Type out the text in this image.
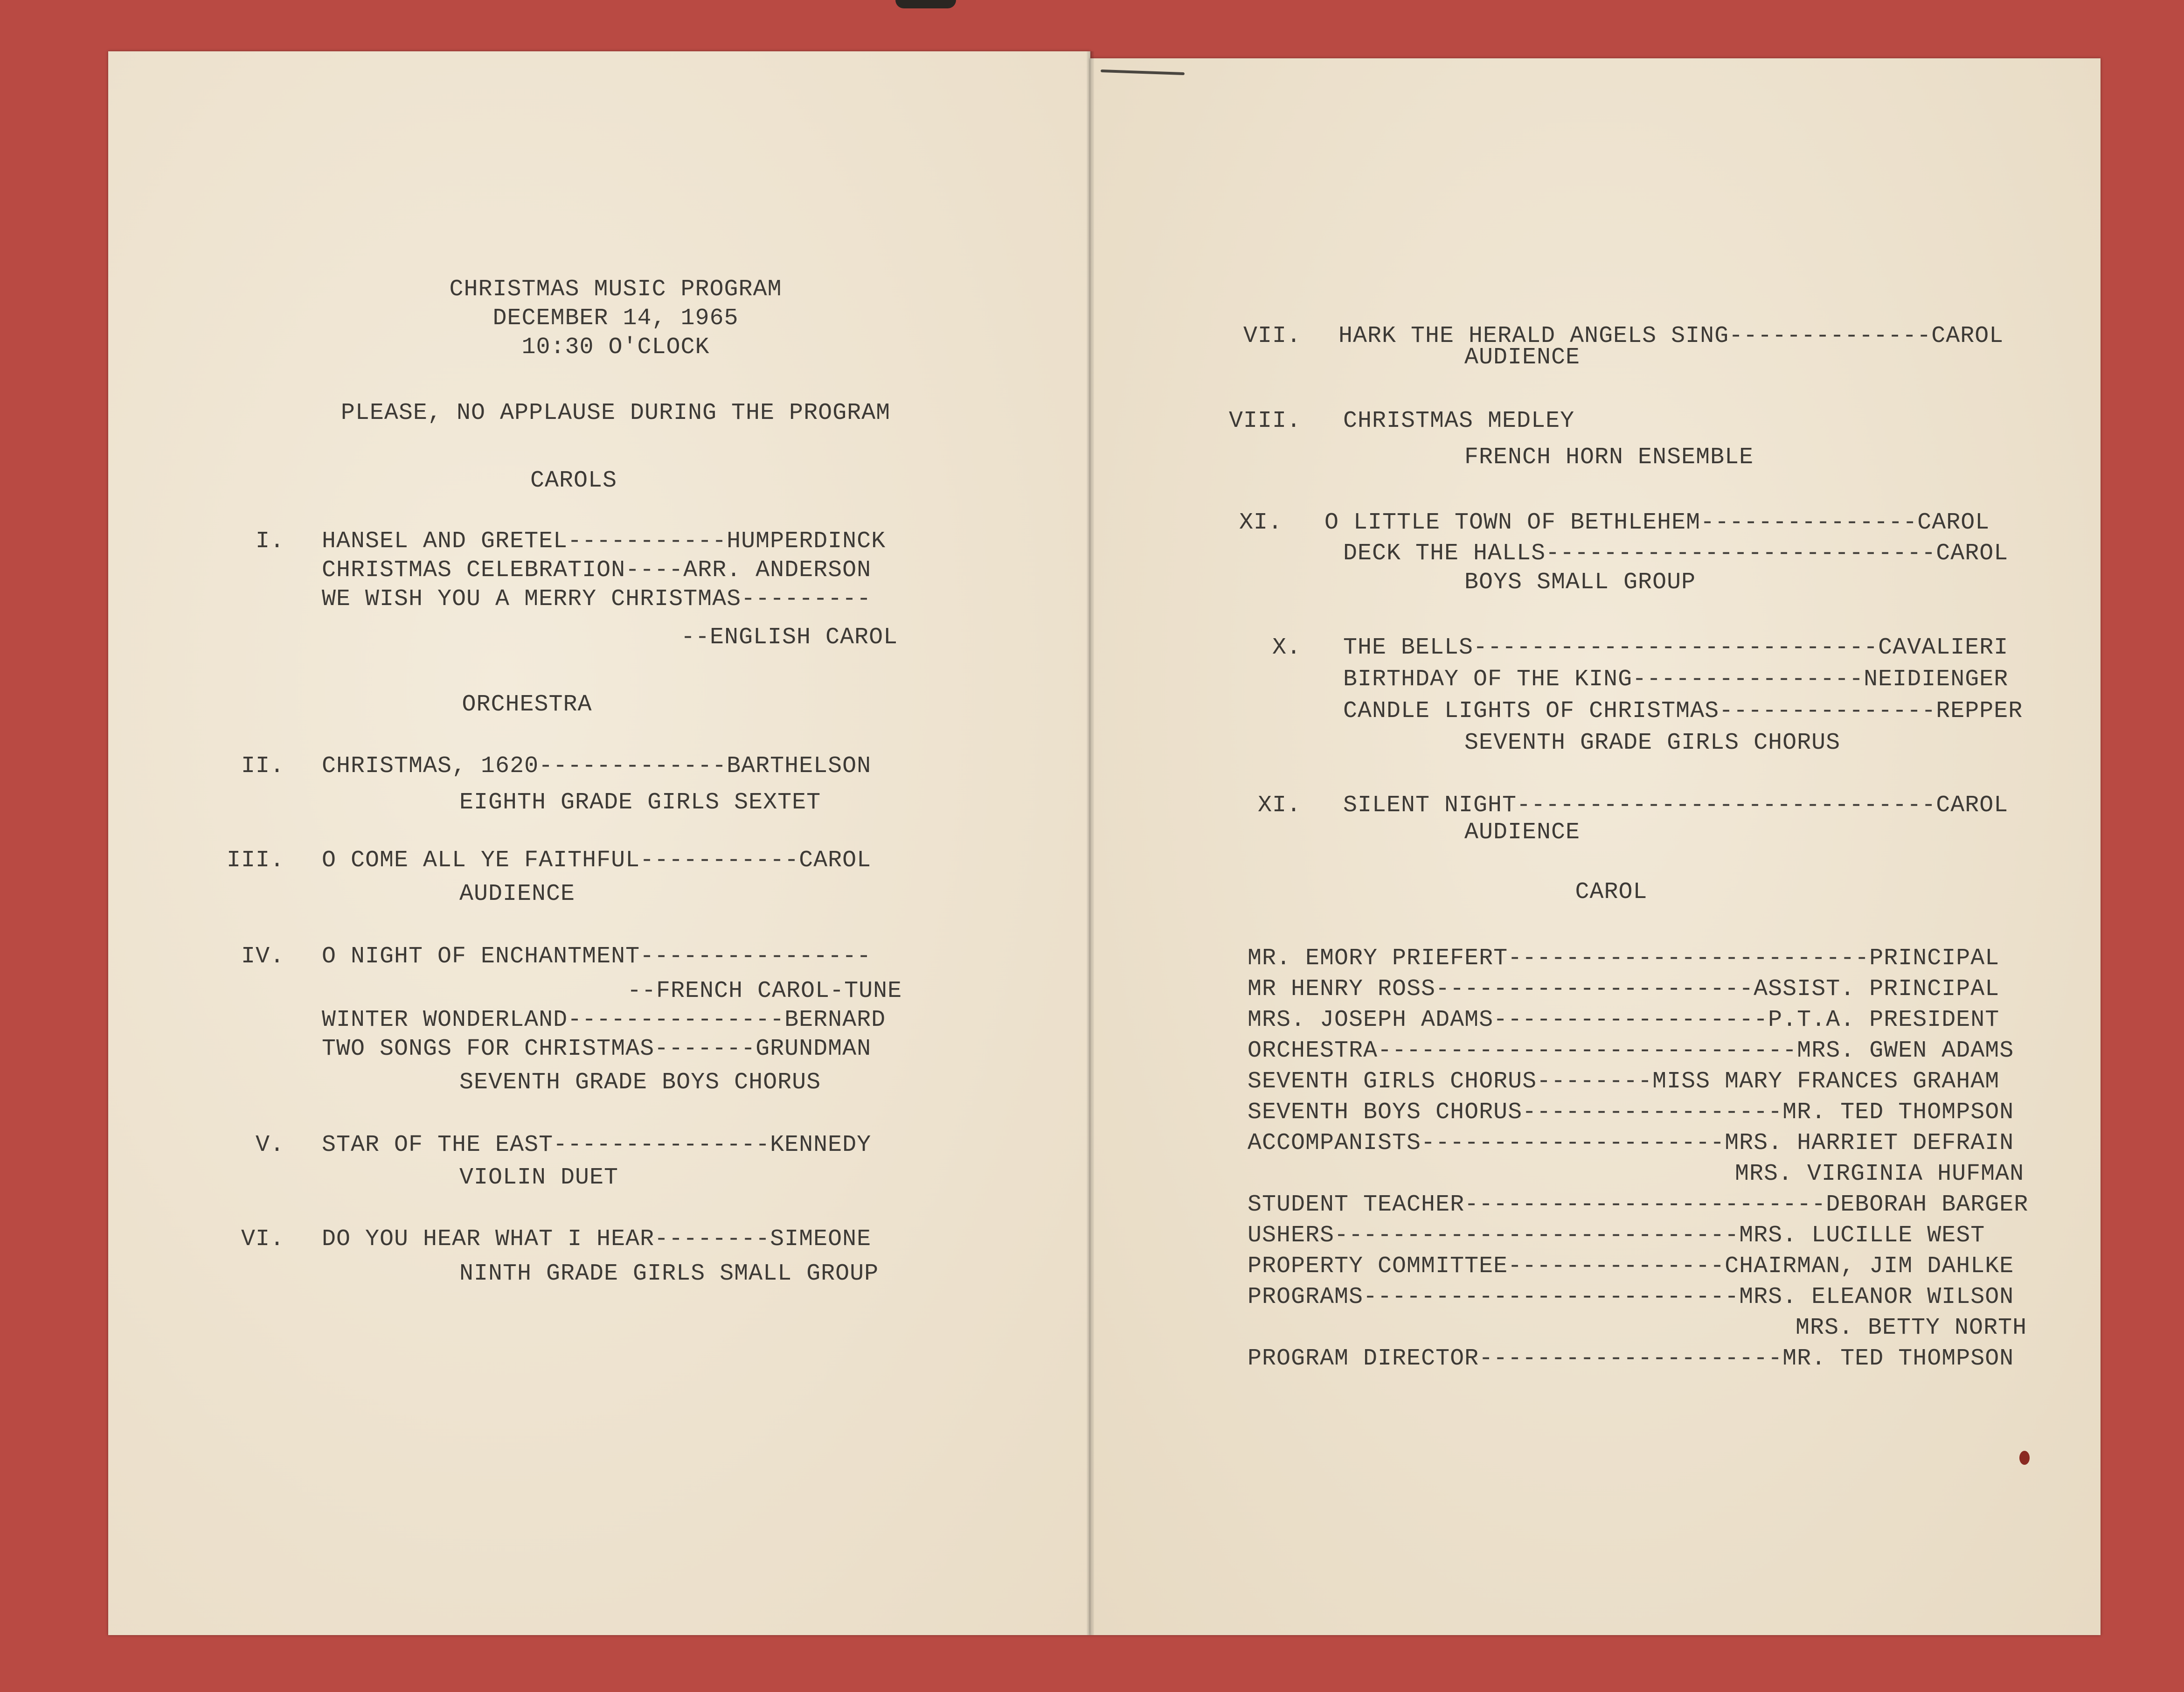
CHRISTMAS MUSIC PROGRAM
DECEMBER 14, 1965
10:30 O'CLOCK
PLEASE, NO APPLAUSE DURING THE PROGRAM
CAROLS
I. HANSEL AND GRETEL-----------HUMPERDINCK
CHRISTMAS CELEBRATION----ARR. ANDERSON
WE WISH YOU A MERRY CHRISTMAS---------
--ENGLISH CAROL
ORCHESTRA
II. CHRISTMAS, 1620-------------BARTHELSON
EIGHTH GRADE GIRLS SEXTET
III. O COME ALL YE FAITHFUL-----------CAROL
AUDIENCE
IV. O NIGHT OF ENCHANTMENT----------------
--FRENCH CAROL-TUNE
WINTER WONDERLAND---------------BERNARD
TWO SONGS FOR CHRISTMAS-------GRUNDMAN
SEVENTH GRADE BOYS CHORUS
V. STAR OF THE EAST---------------KENNEDY
VIOLIN DUET
VI. DO YOU HEAR WHAT I HEAR--------SIMEONE
NINTH GRADE GIRLS SMALL GROUP
VII. HARK THE HERALD ANGELS SING--------------CAROL
AUDIENCE
VIII. CHRISTMAS MEDLEY
FRENCH HORN ENSEMBLE
XI. O LITTLE TOWN OF BETHLEHEM---------------CAROL
DECK THE HALLS---------------------------CAROL
BOYS SMALL GROUP
X. THE BELLS----------------------------CAVALIERI
BIRTHDAY OF THE KING----------------NEIDIENGER
CANDLE LIGHTS OF CHRISTMAS---------------REPPER
SEVENTH GRADE GIRLS CHORUS
XI. SILENT NIGHT-----------------------------CAROL
AUDIENCE
CAROL
MR. EMORY PRIEFERT-------------------------PRINCIPAL
MR HENRY ROSS----------------------ASSIST. PRINCIPAL
MRS. JOSEPH ADAMS-------------------P.T.A. PRESIDENT
ORCHESTRA-----------------------------MRS. GWEN ADAMS
SEVENTH GIRLS CHORUS--------MISS MARY FRANCES GRAHAM
SEVENTH BOYS CHORUS------------------MR. TED THOMPSON
ACCOMPANISTS---------------------MRS. HARRIET DEFRAIN
MRS. VIRGINIA HUFMAN
STUDENT TEACHER-------------------------DEBORAH BARGER
USHERS----------------------------MRS. LUCILLE WEST
PROPERTY COMMITTEE---------------CHAIRMAN, JIM DAHLKE
PROGRAMS--------------------------MRS. ELEANOR WILSON
MRS. BETTY NORTH
PROGRAM DIRECTOR---------------------MR. TED THOMPSON
